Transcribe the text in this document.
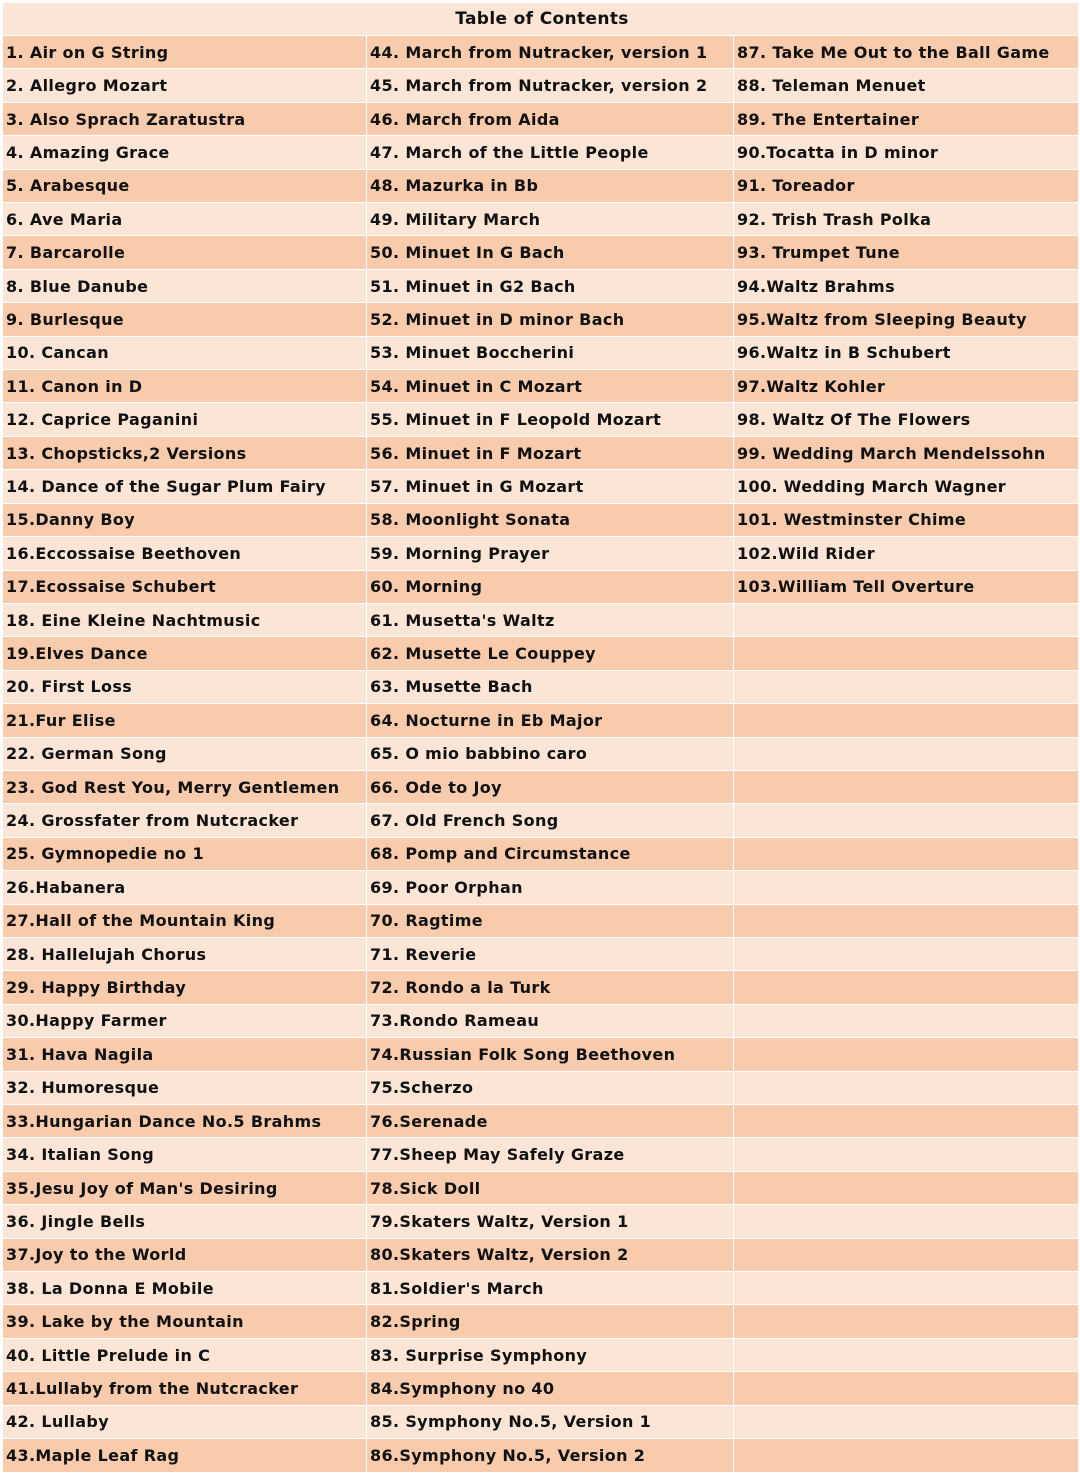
Table of Contents		
1. Air on G String	44. March from Nutracker, version 1	87. Take Me Out to the Ball Game
2. Allegro Mozart	45. March from Nutracker, version 2	88. Teleman Menuet
3. Also Sprach Zaratustra	46. March from Aida	89. The Entertainer
4. Amazing Grace	47. March of the Little People	90.Tocatta in D minor
5. Arabesque	48. Mazurka in Bb	91. Toreador
6. Ave Maria	49. Military March	92. Trish Trash Polka
7. Barcarolle	50. Minuet In G Bach	93. Trumpet Tune
8. Blue Danube	51. Minuet in G2 Bach	94.Waltz Brahms
9. Burlesque	52. Minuet in D minor Bach	95.Waltz from Sleeping Beauty
10. Cancan	53. Minuet Boccherini	96.Waltz in B Schubert
11. Canon in D	54. Minuet in C Mozart	97.Waltz Kohler
12. Caprice Paganini	55. Minuet in F Leopold Mozart	98. Waltz Of The Flowers
13. Chopsticks,2 Versions	56. Minuet in F Mozart	99. Wedding March Mendelssohn
14. Dance of the Sugar Plum Fairy	57. Minuet in G Mozart	100. Wedding March Wagner
15.Danny Boy	58. Moonlight Sonata	101. Westminster Chime
16.Eccossaise Beethoven	59. Morning Prayer	102.Wild Rider
17.Ecossaise Schubert	60. Morning	103.William Tell Overture
18. Eine Kleine Nachtmusic	61. Musetta's Waltz	
19.Elves Dance	62. Musette Le Couppey	
20. First Loss	63. Musette Bach	
21.Fur Elise	64. Nocturne in Eb Major	
22. German Song	65. O mio babbino caro	
23. God Rest You, Merry Gentlemen	66. Ode to Joy	
24. Grossfater from Nutcracker	67. Old French Song	
25. Gymnopedie no 1	68. Pomp and Circumstance	
26.Habanera	69. Poor Orphan	
27.Hall of the Mountain King	70. Ragtime	
28. Hallelujah Chorus	71. Reverie	
29. Happy Birthday	72. Rondo a la Turk	
30.Happy Farmer	73.Rondo Rameau	
31. Hava Nagila	74.Russian Folk Song Beethoven	
32. Humoresque	75.Scherzo	
33.Hungarian Dance No.5 Brahms	76.Serenade	
34. Italian Song	77.Sheep May Safely Graze	
35.Jesu Joy of Man's Desiring	78.Sick Doll	
36. Jingle Bells	79.Skaters Waltz, Version 1	
37.Joy to the World	80.Skaters Waltz, Version 2	
38. La Donna E Mobile	81.Soldier's March	
39. Lake by the Mountain	82.Spring	
40. Little Prelude in C	83. Surprise Symphony	
41.Lullaby from the Nutcracker	84.Symphony no 40	
42. Lullaby	85. Symphony No.5, Version 1	
43.Maple Leaf Rag	86.Symphony No.5, Version 2	
